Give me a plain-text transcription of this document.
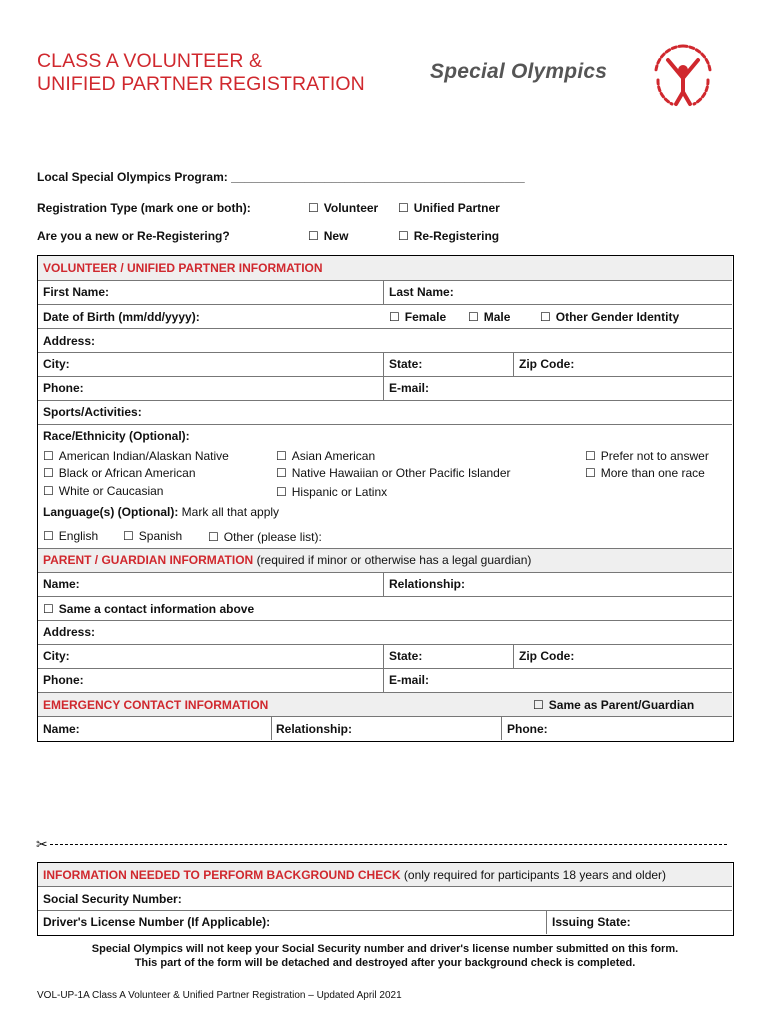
CLASS A VOLUNTEER &
UNIFIED PARTNER REGISTRATION
Special Olympics
Local Special Olympics Program: ____________________________________________
Registration Type (mark one or both):	☐ Volunteer	☐ Unified Partner
Are you a new or Re-Registering?	☐ New	☐ Re-Registering
VOLUNTEER / UNIFIED PARTNER INFORMATION
First Name:	Last Name:
Date of Birth (mm/dd/yyyy):	☐ Female	☐ Male	☐ Other Gender Identity
Address:
City:	State:	Zip Code:
Phone:	E-mail:
Sports/Activities:
Race/Ethnicity (Optional):
☐ American Indian/Alaskan Native
☐ Black or African American
☐ White or Caucasian
☐ Asian American
☐ Native Hawaiian or Other Pacific Islander
☐ Hispanic or Latinx
☐ Prefer not to answer
☐ More than one race
Language(s) (Optional): Mark all that apply
☐ English	☐ Spanish	☐ Other (please list):
PARENT / GUARDIAN INFORMATION (required if minor or otherwise has a legal guardian)
Name:	Relationship:
☐ Same a contact information above
Address:
City:	State:	Zip Code:
Phone:	E-mail:
EMERGENCY CONTACT INFORMATION	☐ Same as Parent/Guardian
Name:	Relationship:	Phone:
✂
INFORMATION NEEDED TO PERFORM BACKGROUND CHECK (only required for participants 18 years and older)
Social Security Number:
Driver's License Number (If Applicable):	Issuing State:
Special Olympics will not keep your Social Security number and driver's license number submitted on this form.
This part of the form will be detached and destroyed after your background check is completed.
VOL-UP-1A Class A Volunteer & Unified Partner Registration – Updated April 2021
